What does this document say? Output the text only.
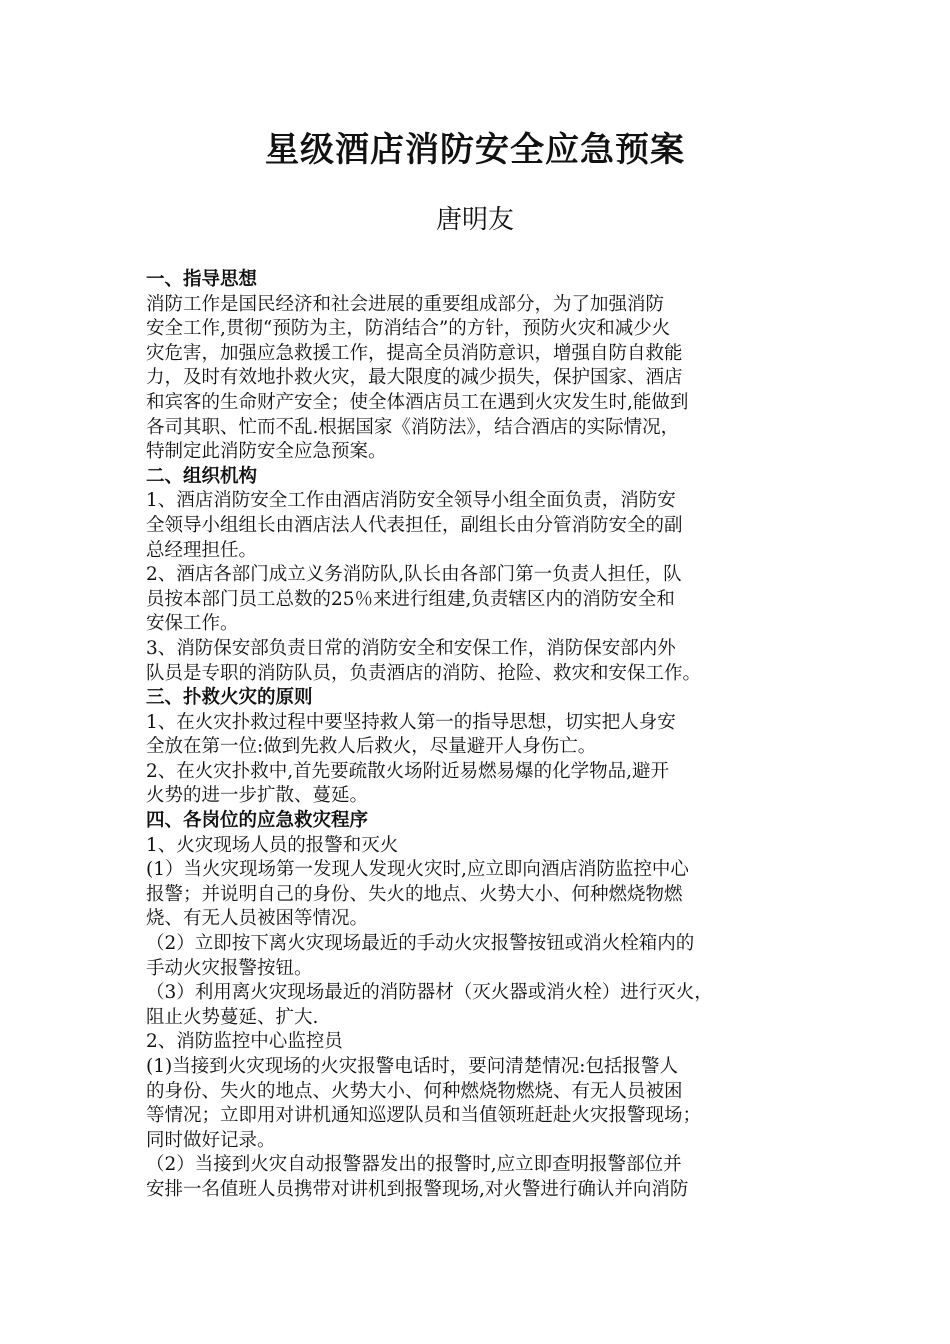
星级酒店消防安全应急预案
唐明友
一、指导思想
消防工作是国民经济和社会进展的重要组成部分，为了加强消防
安全工作,贯彻“预防为主，防消结合”的方针，预防火灾和减少火
灾危害，加强应急救援工作，提高全员消防意识，增强自防自救能
力，及时有效地扑救火灾，最大限度的减少损失，保护国家、酒店
和宾客的生命财产安全；使全体酒店员工在遇到火灾发生时,能做到
各司其职、忙而不乱.根据国家《消防法》，结合酒店的实际情况，
特制定此消防安全应急预案。
二、组织机构
1、酒店消防安全工作由酒店消防安全领导小组全面负责，消防安
全领导小组组长由酒店法人代表担任，副组长由分管消防安全的副
总经理担任。
2、酒店各部门成立义务消防队,队长由各部门第一负责人担任，队
员按本部门员工总数的25％来进行组建,负责辖区内的消防安全和
安保工作。
3、消防保安部负责日常的消防安全和安保工作，消防保安部内外
队员是专职的消防队员，负责酒店的消防、抢险、救灾和安保工作。
三、扑救火灾的原则
1、在火灾扑救过程中要坚持救人第一的指导思想，切实把人身安
全放在第一位:做到先救人后救火，尽量避开人身伤亡。
2、在火灾扑救中,首先要疏散火场附近易燃易爆的化学物品,避开
火势的进一步扩散、蔓延。
四、各岗位的应急救灾程序
1、火灾现场人员的报警和灭火
(1）当火灾现场第一发现人发现火灾时,应立即向酒店消防监控中心
报警；并说明自己的身份、失火的地点、火势大小、何种燃烧物燃
烧、有无人员被困等情况。
（2）立即按下离火灾现场最近的手动火灾报警按钮或消火栓箱内的
手动火灾报警按钮。
（3）利用离火灾现场最近的消防器材（灭火器或消火栓）进行灭火，
阻止火势蔓延、扩大.
2、消防监控中心监控员
(1)当接到火灾现场的火灾报警电话时，要问清楚情况:包括报警人
的身份、失火的地点、火势大小、何种燃烧物燃烧、有无人员被困
等情况；立即用对讲机通知巡逻队员和当值领班赶赴火灾报警现场；
同时做好记录。
（2）当接到火灾自动报警器发出的报警时,应立即查明报警部位并
安排一名值班人员携带对讲机到报警现场,对火警进行确认并向消防
